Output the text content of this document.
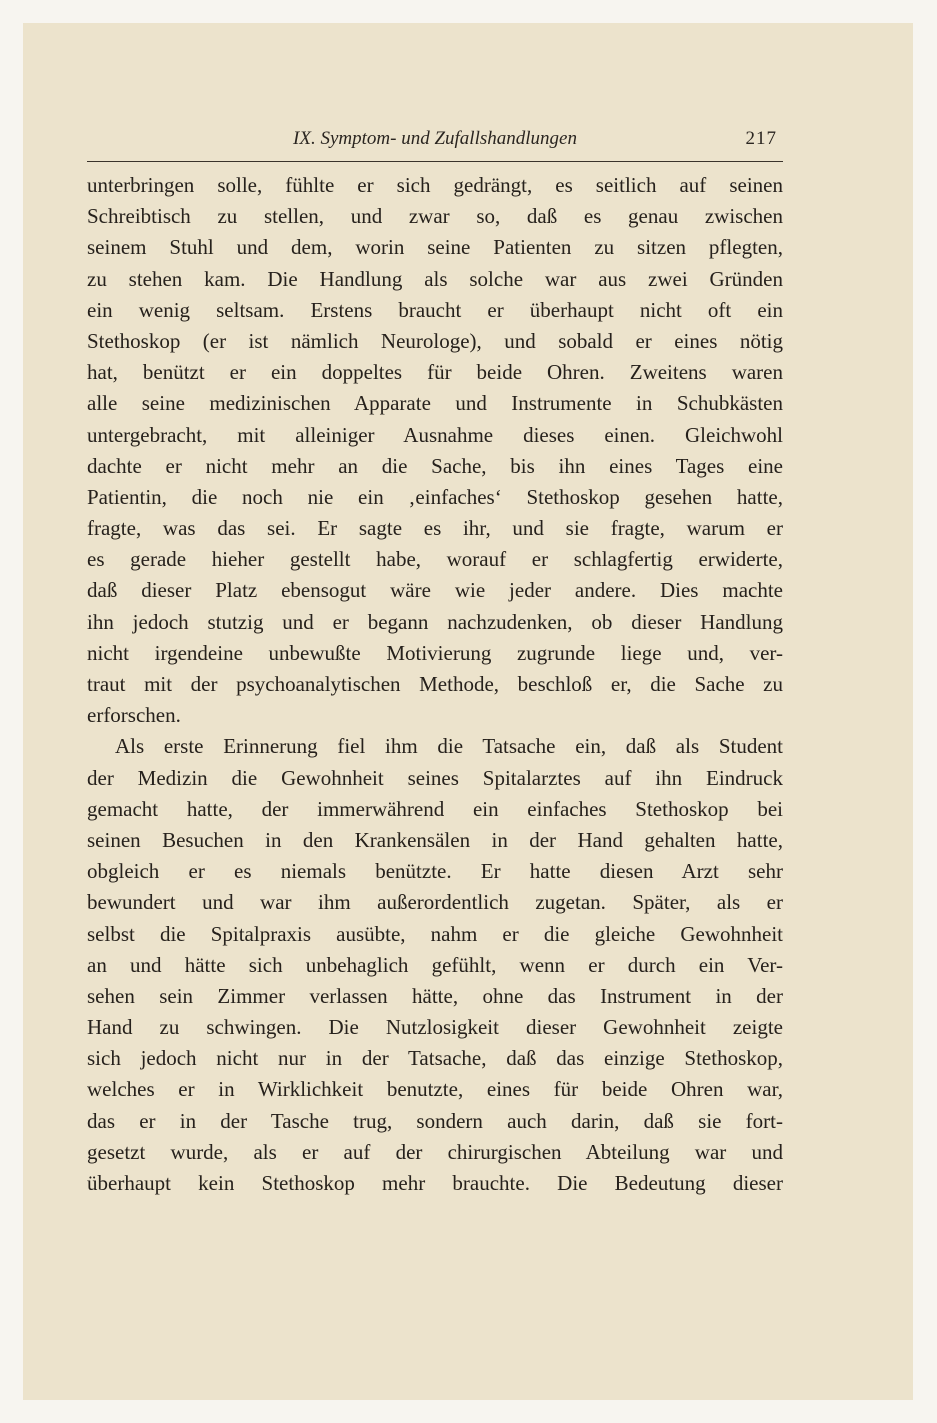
IX. Symptom- und Zufallshandlungen	217
unterbringen solle, fühlte er sich gedrängt, es seitlich auf seinen
Schreibtisch zu stellen, und zwar so, daß es genau zwischen
seinem Stuhl und dem, worin seine Patienten zu sitzen pflegten,
zu stehen kam. Die Handlung als solche war aus zwei Gründen
ein wenig seltsam. Erstens braucht er überhaupt nicht oft ein
Stethoskop (er ist nämlich Neurologe), und sobald er eines nötig
hat, benützt er ein doppeltes für beide Ohren. Zweitens waren
alle seine medizinischen Apparate und Instrumente in Schubkästen
untergebracht, mit alleiniger Ausnahme dieses einen. Gleichwohl
dachte er nicht mehr an die Sache, bis ihn eines Tages eine
Patientin, die noch nie ein ‚einfaches‘ Stethoskop gesehen hatte,
fragte, was das sei. Er sagte es ihr, und sie fragte, warum er
es gerade hieher gestellt habe, worauf er schlagfertig erwiderte,
daß dieser Platz ebensogut wäre wie jeder andere. Dies machte
ihn jedoch stutzig und er begann nachzudenken, ob dieser Handlung
nicht irgendeine unbewußte Motivierung zugrunde liege und, ver-
traut mit der psychoanalytischen Methode, beschloß er, die Sache zu
erforschen.
Als erste Erinnerung fiel ihm die Tatsache ein, daß als Student
der Medizin die Gewohnheit seines Spitalarztes auf ihn Eindruck
gemacht hatte, der immerwährend ein einfaches Stethoskop bei
seinen Besuchen in den Krankensälen in der Hand gehalten hatte,
obgleich er es niemals benützte. Er hatte diesen Arzt sehr
bewundert und war ihm außerordentlich zugetan. Später, als er
selbst die Spitalpraxis ausübte, nahm er die gleiche Gewohnheit
an und hätte sich unbehaglich gefühlt, wenn er durch ein Ver-
sehen sein Zimmer verlassen hätte, ohne das Instrument in der
Hand zu schwingen. Die Nutzlosigkeit dieser Gewohnheit zeigte
sich jedoch nicht nur in der Tatsache, daß das einzige Stethoskop,
welches er in Wirklichkeit benutzte, eines für beide Ohren war,
das er in der Tasche trug, sondern auch darin, daß sie fort-
gesetzt wurde, als er auf der chirurgischen Abteilung war und
überhaupt kein Stethoskop mehr brauchte. Die Bedeutung dieser
